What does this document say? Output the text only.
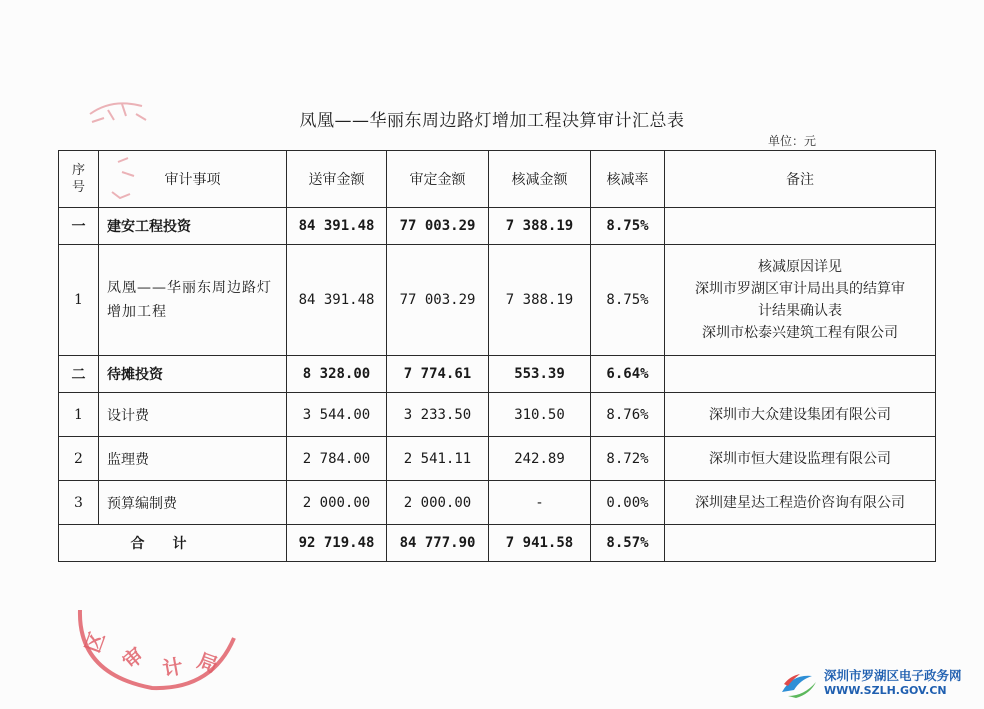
凤凰——华丽东周边路灯增加工程决算审计汇总表
单位：元
序
号	审计事项	送审金额	审定金额	核减金额	核减率	备注
一	建安工程投资	84 391.48	77 003.29	7 388.19	8.75%	
1	凤凰——华丽东周边路灯增加工程	84 391.48	77 003.29	7 388.19	8.75%	核减原因详见
深圳市罗湖区审计局出具的结算审
计结果确认表
深圳市松泰兴建筑工程有限公司

二	待摊投资	8 328.00	7 774.61	553.39	6.64%	
1	设计费	3 544.00	3 233.50	310.50	8.76%	深圳市大众建设集团有限公司
2	监理费	2 784.00	2 541.11	242.89	8.72%	深圳市恒大建设监理有限公司
3	预算编制费	2 000.00	2 000.00	-	0.00%	深圳建星达工程造价咨询有限公司
合计		92 719.48	84 777.90	7 941.58	8.57%	
区
审 计 局	深圳市罗湖区电子政务网
WWW.SZLH.GOV.CN
